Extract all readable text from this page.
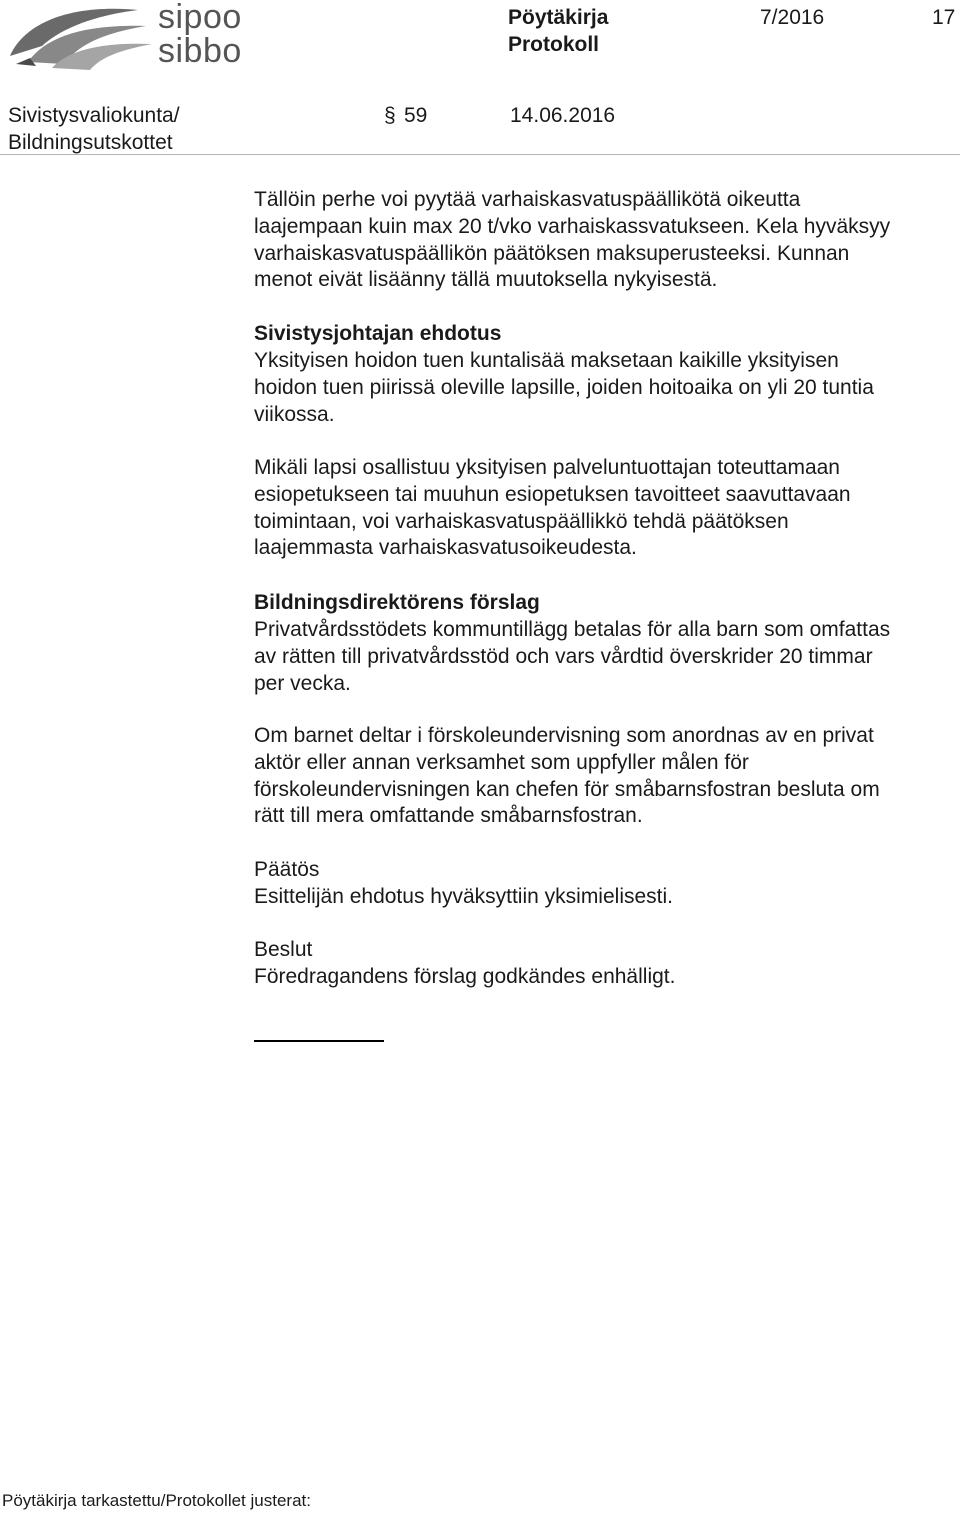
sipoo
sibbo
Pöytäkirja
Protokoll
7/2016	17
Sivistysvaliokunta/
Bildningsutskottet
§ 59	14.06.2016
Tällöin perhe voi pyytää varhaiskasvatuspäällikötä oikeutta
laajempaan kuin max 20 t/vko varhaiskassvatukseen. Kela hyväksyy
varhaiskasvatuspäällikön päätöksen maksuperusteeksi. Kunnan
menot eivät lisäänny tällä muutoksella nykyisestä.
Sivistysjohtajan ehdotus
Yksityisen hoidon tuen kuntalisää maksetaan kaikille yksityisen
hoidon tuen piirissä oleville lapsille, joiden hoitoaika on yli 20 tuntia
viikossa.
Mikäli lapsi osallistuu yksityisen palveluntuottajan toteuttamaan
esiopetukseen tai muuhun esiopetuksen tavoitteet saavuttavaan
toimintaan, voi varhaiskasvatuspäällikkö tehdä päätöksen
laajemmasta varhaiskasvatusoikeudesta.
Bildningsdirektörens förslag
Privatvårdsstödets kommuntillägg betalas för alla barn som omfattas
av rätten till privatvårdsstöd och vars vårdtid överskrider 20 timmar
per vecka.
Om barnet deltar i förskoleundervisning som anordnas av en privat
aktör eller annan verksamhet som uppfyller målen för
förskoleundervisningen kan chefen för småbarnsfostran besluta om
rätt till mera omfattande småbarnsfostran.
Päätös
Esittelijän ehdotus hyväksyttiin yksimielisesti.
Beslut
Föredragandens förslag godkändes enhälligt.
Pöytäkirja tarkastettu/Protokollet justerat:
